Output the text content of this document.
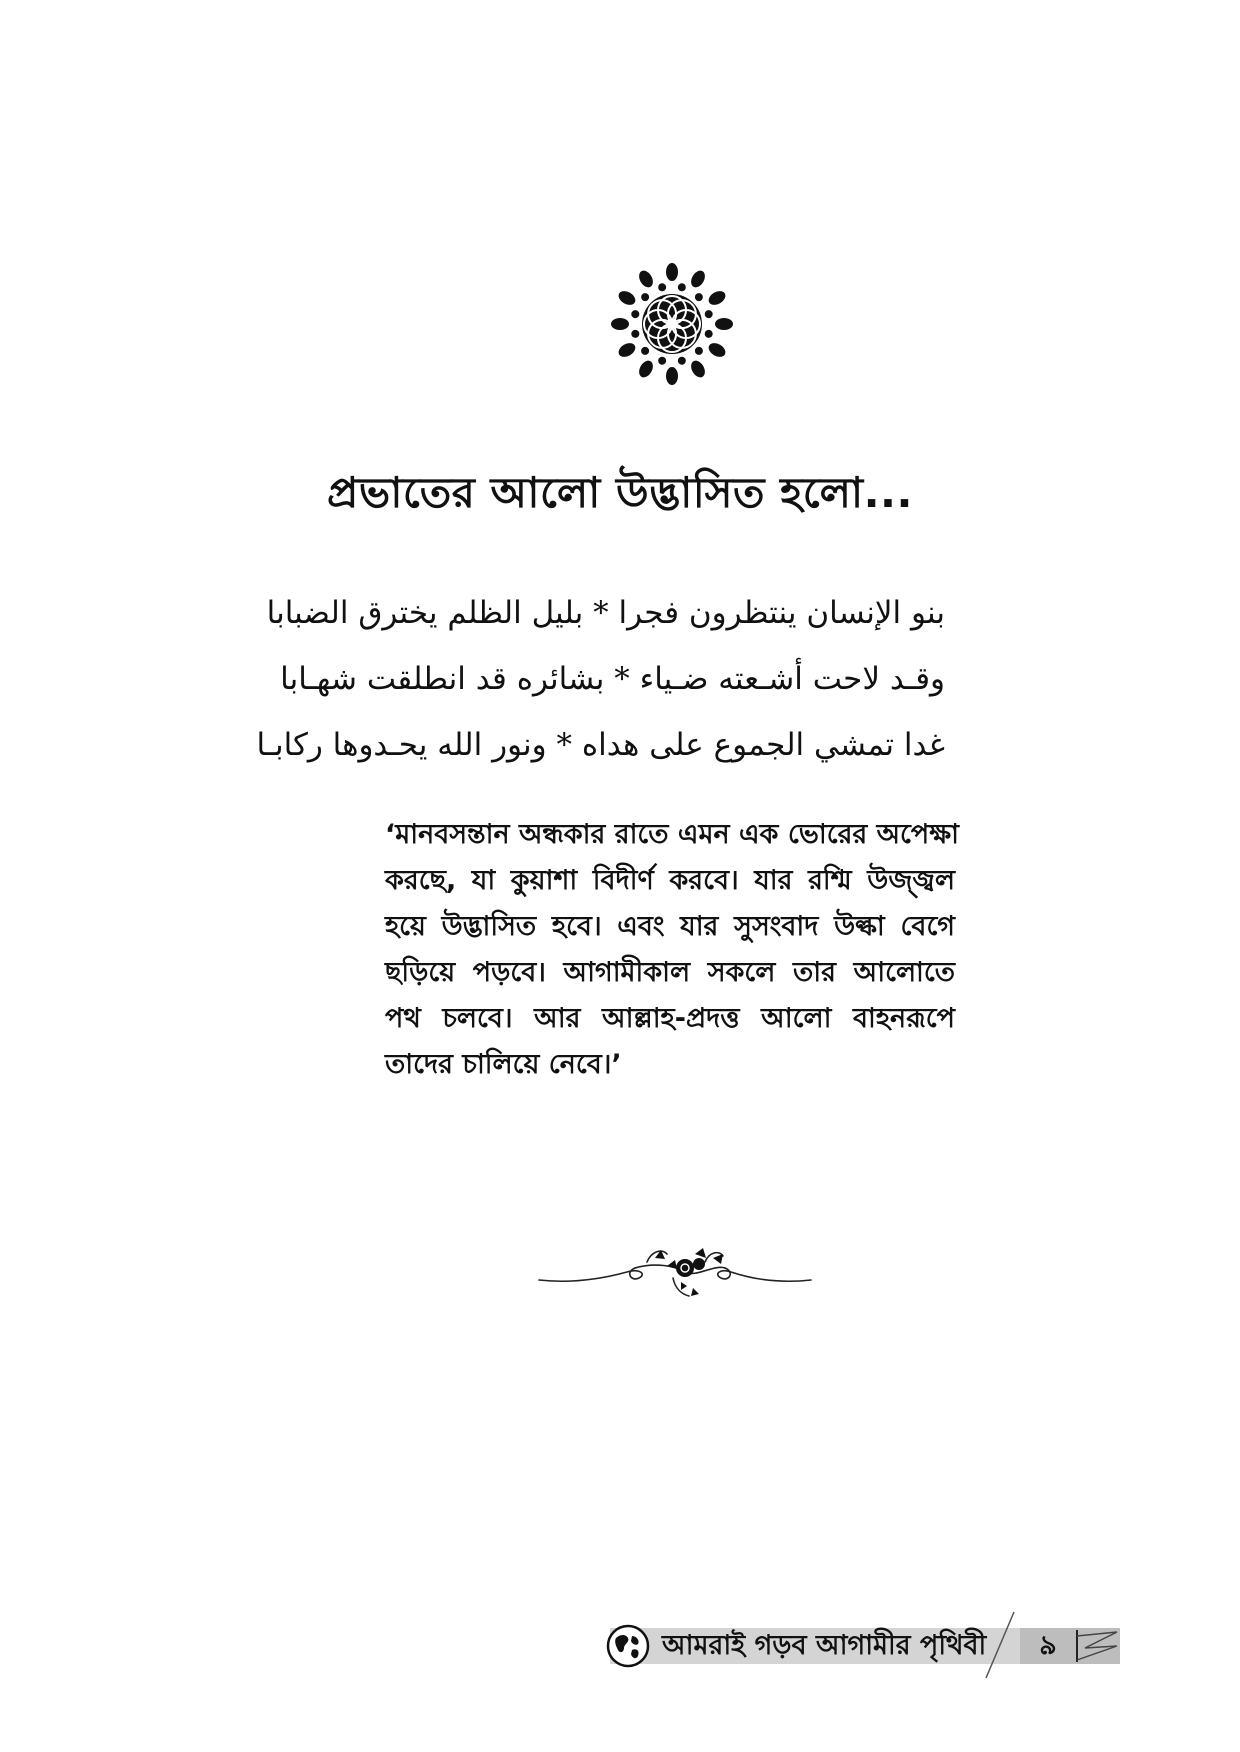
প্রভাতের আলো উদ্ভাসিত হলো...
بنو الإنسان ينتظرون فجرا * بليل الظلم يخترق الضبابا
وقـد لاحت أشـعته ضـياء * بشائره قد انطلقت شهـابا
غدا تمشي الجموع على هداه * ونور الله يحـدوها ركابـا
‘মানবসন্তান অন্ধকার রাতে এমন এক ভোরের অপেক্ষা
করছে, যা কুয়াশা বিদীর্ণ করবে। যার রশ্মি উজ্জ্বল
হয়ে উদ্ভাসিত হবে। এবং যার সুসংবাদ উল্কা বেগে
ছড়িয়ে পড়বে। আগামীকাল সকলে তার আলোতে
পথ চলবে। আর আল্লাহ-প্রদত্ত আলো বাহনরূপে
তাদের চালিয়ে নেবে।’
আমরাই গড়ব আগামীর পৃথিবী	৯
